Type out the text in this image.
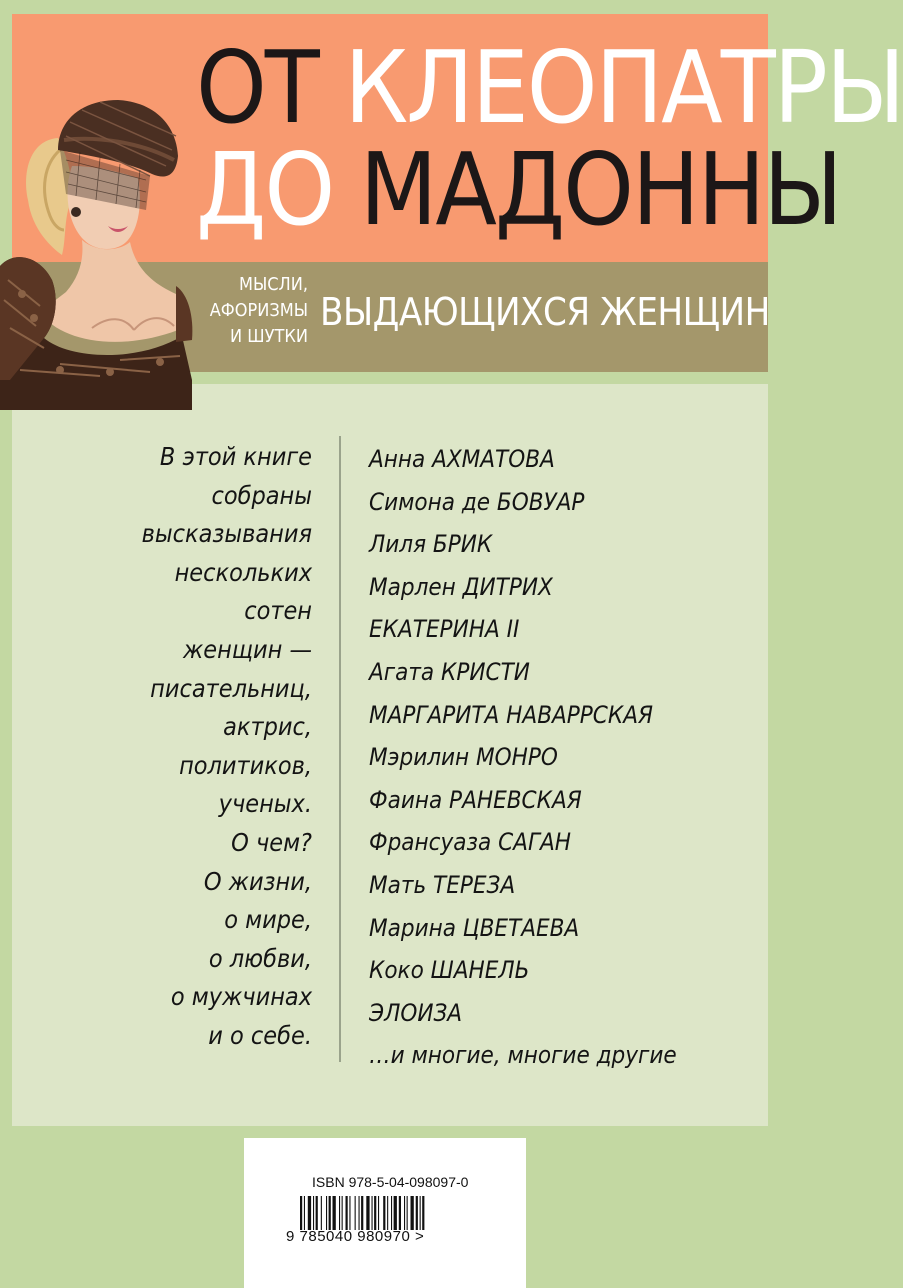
ОТ КЛЕОПАТРЫ
ДО МАДОННЫ
МЫСЛИ,
АФОРИЗМЫ
И ШУТКИ
ВЫДАЮЩИХСЯ ЖЕНЩИН
В этой книге
собраны
высказывания
нескольких
сотен
женщин —
писательниц,
актрис,
политиков,
ученых.
О чем?
О жизни,
о мире,
о любви,
о мужчинах
и о себе.
Анна АХМАТОВА
Симона де БОВУАР
Лиля БРИК
Марлен ДИТРИХ
ЕКАТЕРИНА II
Агата КРИСТИ
МАРГАРИТА НАВАРРСКАЯ
Мэрилин МОНРО
Фаина РАНЕВСКАЯ
Франсуаза САГАН
Мать ТЕРЕЗА
Марина ЦВЕТАЕВА
Коко ШАНЕЛЬ
ЭЛОИЗА
…и многие, многие другие
ISBN 978-5-04-098097-0
9 785040 980970 >
